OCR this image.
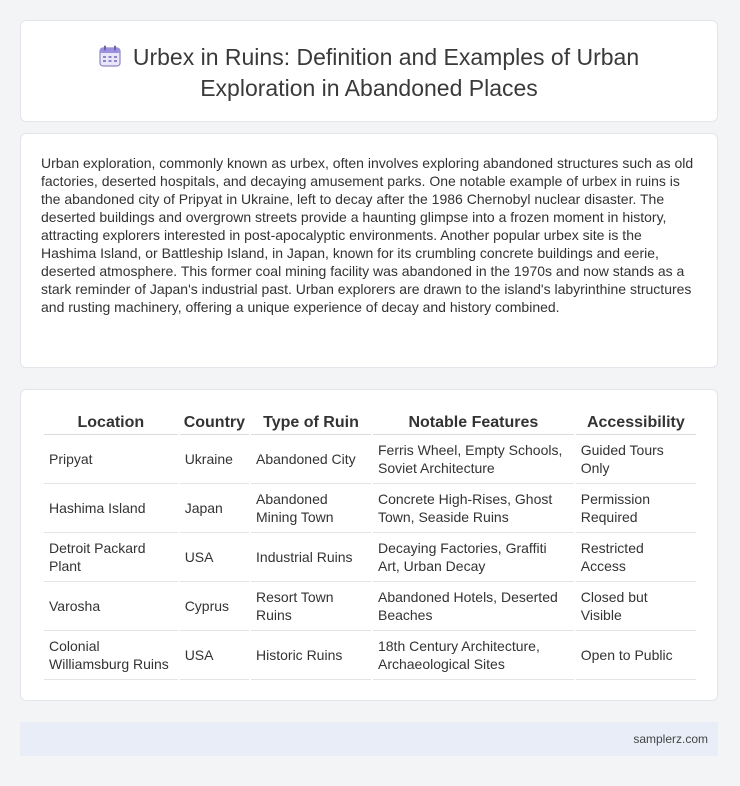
Urbex in Ruins: Definition and Examples of Urban Exploration in Abandoned Places
Urban exploration, commonly known as urbex, often involves exploring abandoned structures such as old factories, deserted hospitals, and decaying amusement parks. One notable example of urbex in ruins is the abandoned city of Pripyat in Ukraine, left to decay after the 1986 Chernobyl nuclear disaster. The deserted buildings and overgrown streets provide a haunting glimpse into a frozen moment in history, attracting explorers interested in post-apocalyptic environments. Another popular urbex site is the Hashima Island, or Battleship Island, in Japan, known for its crumbling concrete buildings and eerie, deserted atmosphere. This former coal mining facility was abandoned in the 1970s and now stands as a stark reminder of Japan's industrial past. Urban explorers are drawn to the island's labyrinthine structures and rusting machinery, offering a unique experience of decay and history combined.
Location	Country	Type of Ruin	Notable Features	Accessibility
Pripyat	Ukraine	Abandoned City	Ferris Wheel, Empty Schools, Soviet Architecture	Guided Tours Only
Hashima Island	Japan	Abandoned Mining Town	Concrete High-Rises, Ghost Town, Seaside Ruins	Permission Required
Detroit Packard Plant	USA	Industrial Ruins	Decaying Factories, Graffiti Art, Urban Decay	Restricted Access
Varosha	Cyprus	Resort Town Ruins	Abandoned Hotels, Deserted Beaches	Closed but Visible
Colonial Williamsburg Ruins	USA	Historic Ruins	18th Century Architecture, Archaeological Sites	Open to Public
samplerz.com
